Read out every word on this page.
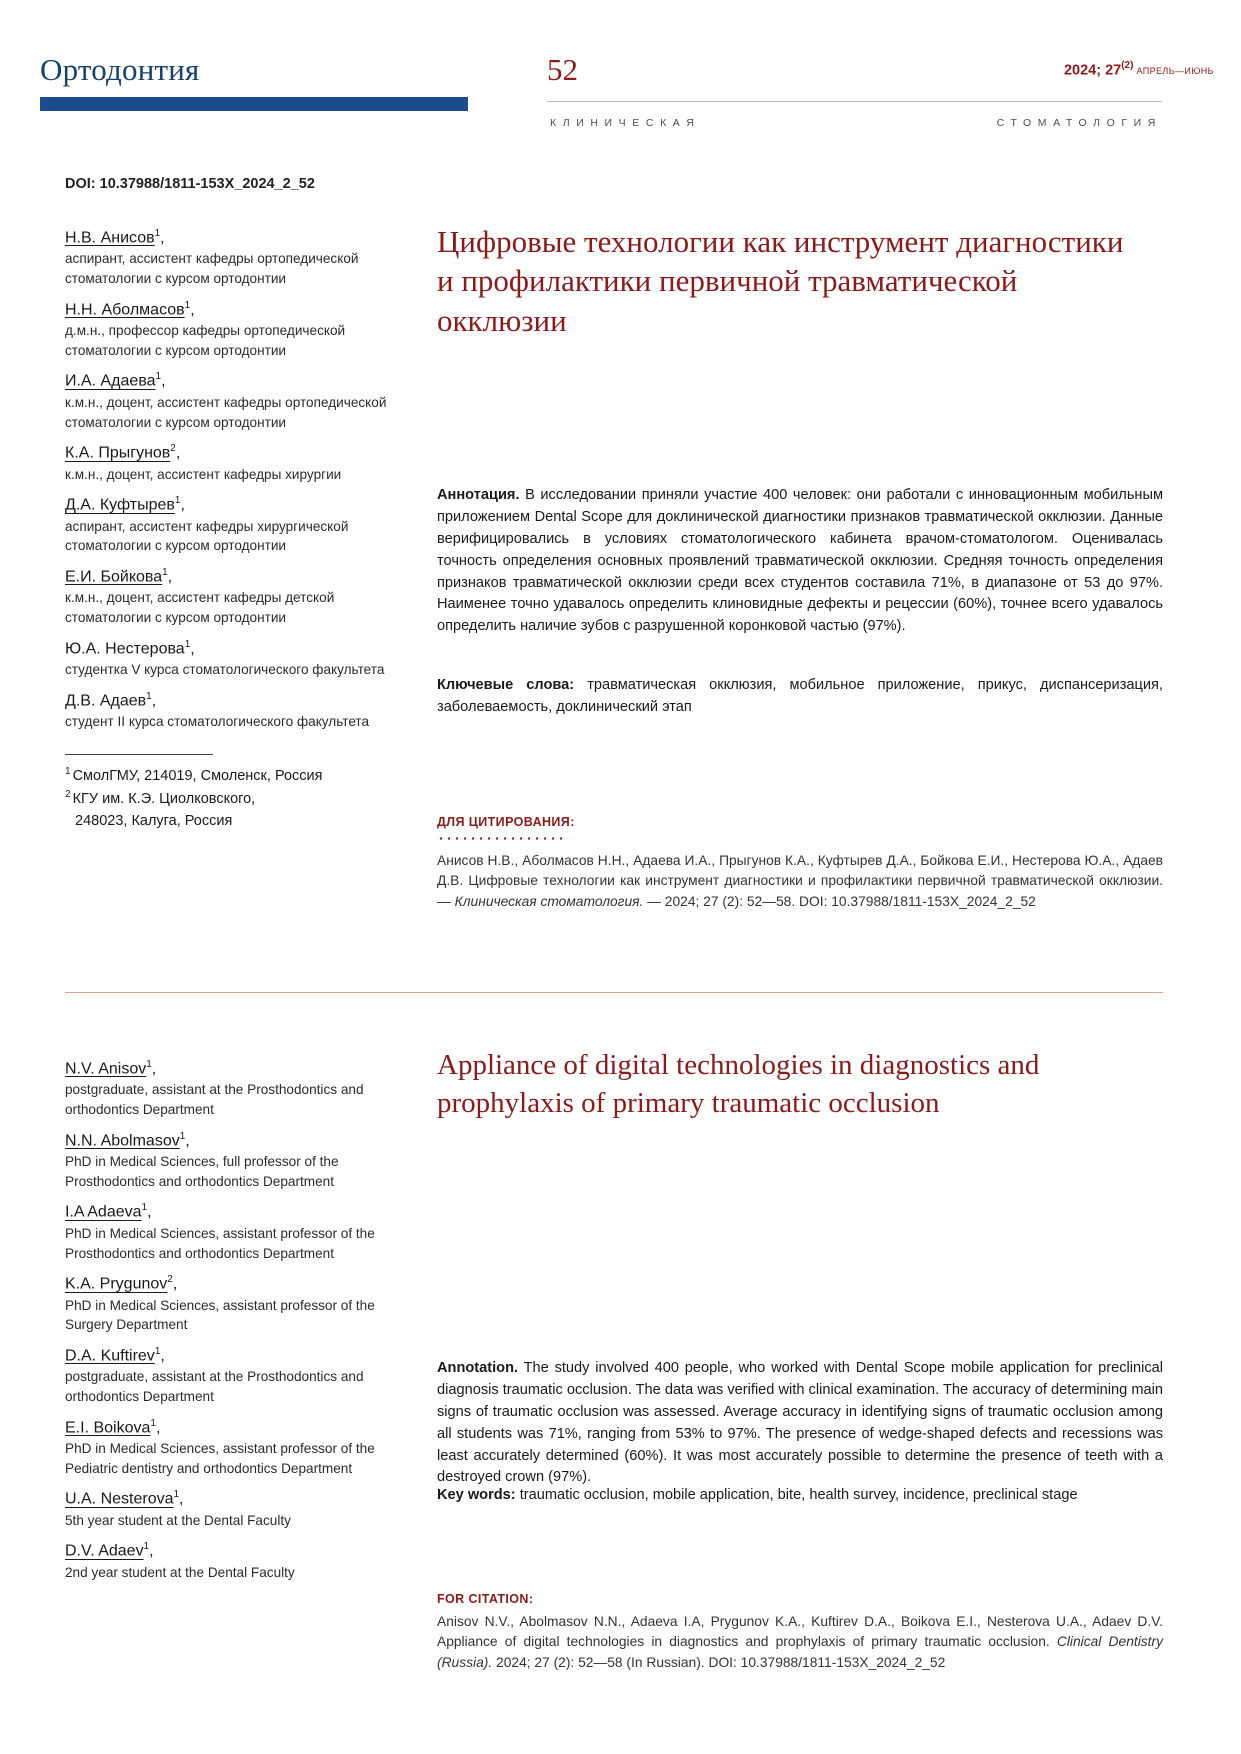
Ортодонтия	52	2024; 27$^{(2)}$АПРЕЛЬ—ИЮНЬ
КЛИНИЧЕСКАЯ	СТОМАТОЛОГИЯ
DOI: 10.37988/1811-153X_2024_2_52
Н.В. Анисов$^1$,
аспирант, ассистент кафедры ортопедической стоматологии с курсом ортодонтии
Н.Н. Аболмасов$^1$,
д.м.н., профессор кафедры ортопедической стоматологии с курсом ортодонтии
И.А. Адаева$^1$,
к.м.н., доцент, ассистент кафедры ортопедической стоматологии с курсом ортодонтии
К.А. Прыгунов$^2$,
к.м.н., доцент, ассистент кафедры хирургии
Д.А. Куфтырев$^1$,
аспирант, ассистент кафедры хирургической стоматологии с курсом ортодонтии
Е.И. Бойкова$^1$,
к.м.н., доцент, ассистент кафедры детской стоматологии с курсом ортодонтии
Ю.А. Нестерова$^1$,
студентка V курса стоматологического факультета
Д.В. Адаев$^1$,
студент II курса стоматологического факультета
$^1$ СмолГМУ, 214019, Смоленск, Россия
$^2$ КГУ им. К.Э. Циолковского,
248023, Калуга, Россия
Цифровые технологии как инструмент диагностики и профилактики первичной травматической окклюзии
Аннотация. В исследовании приняли участие 400 человек: они работали с инновационным мобильным приложением Dental Scope для доклинической диагностики признаков травматической окклюзии. Данные верифицировались в условиях стоматологического кабинета врачом-стоматологом. Оценивалась точность определения основных проявлений травматической окклюзии. Средняя точность определения признаков травматической окклюзии среди всех студентов составила 71%, в диапазоне от 53 до 97%. Наименее точно удавалось определить клиновидные дефекты и рецессии (60%), точнее всего удавалось определить наличие зубов с разрушенной коронковой частью (97%).
Ключевые слова: травматическая окклюзия, мобильное приложение, прикус, диспансеризация, заболеваемость, доклинический этап
ДЛЯ ЦИТИРОВАНИЯ:
Анисов Н.В., Аболмасов Н.Н., Адаева И.А., Прыгунов К.А., Куфтырев Д.А., Бойкова Е.И., Нестерова Ю.А., Адаев Д.В. Цифровые технологии как инструмент диагностики и профилактики первичной травматической окклюзии. — Клиническая стоматология. — 2024; 27 (2): 52—58. DOI: 10.37988/1811-153X_2024_2_52
N.V. Anisov$^1$,
postgraduate, assistant at the Prosthodontics and orthodontics Department
N.N. Abolmasov$^1$,
PhD in Medical Sciences, full professor of the Prosthodontics and orthodontics Department
I.A Adaeva$^1$,
PhD in Medical Sciences, assistant professor of the Prosthodontics and orthodontics Department
K.A. Prygunov$^2$,
PhD in Medical Sciences, assistant professor of the Surgery Department
D.A. Kuftirev$^1$,
postgraduate, assistant at the Prosthodontics and orthodontics Department
E.I. Boikova$^1$,
PhD in Medical Sciences, assistant professor of the Pediatric dentistry and orthodontics Department
U.A. Nesterova$^1$,
5th year student at the Dental Faculty
D.V. Adaev$^1$,
2nd year student at the Dental Faculty
Appliance of digital technologies in diagnostics and prophylaxis of primary traumatic occlusion
Annotation. The study involved 400 people, who worked with Dental Scope mobile application for preclinical diagnosis traumatic occlusion. The data was verified with clinical examination. The accuracy of determining main signs of traumatic occlusion was assessed. Average accuracy in identifying signs of traumatic occlusion among all students was 71%, ranging from 53% to 97%. The presence of wedge-shaped defects and recessions was least accurately determined (60%). It was most accurately possible to determine the presence of teeth with a destroyed crown (97%).
Key words: traumatic occlusion, mobile application, bite, health survey, incidence, preclinical stage
FOR CITATION:
Anisov N.V., Abolmasov N.N., Adaeva I.A, Prygunov K.A., Kuftirev D.A., Boikova E.I., Nesterova U.A., Adaev D.V. Appliance of digital technologies in diagnostics and prophylaxis of primary traumatic occlusion. Clinical Dentistry (Russia). 2024; 27 (2): 52—58 (In Russian). DOI: 10.37988/1811-153X_2024_2_52
